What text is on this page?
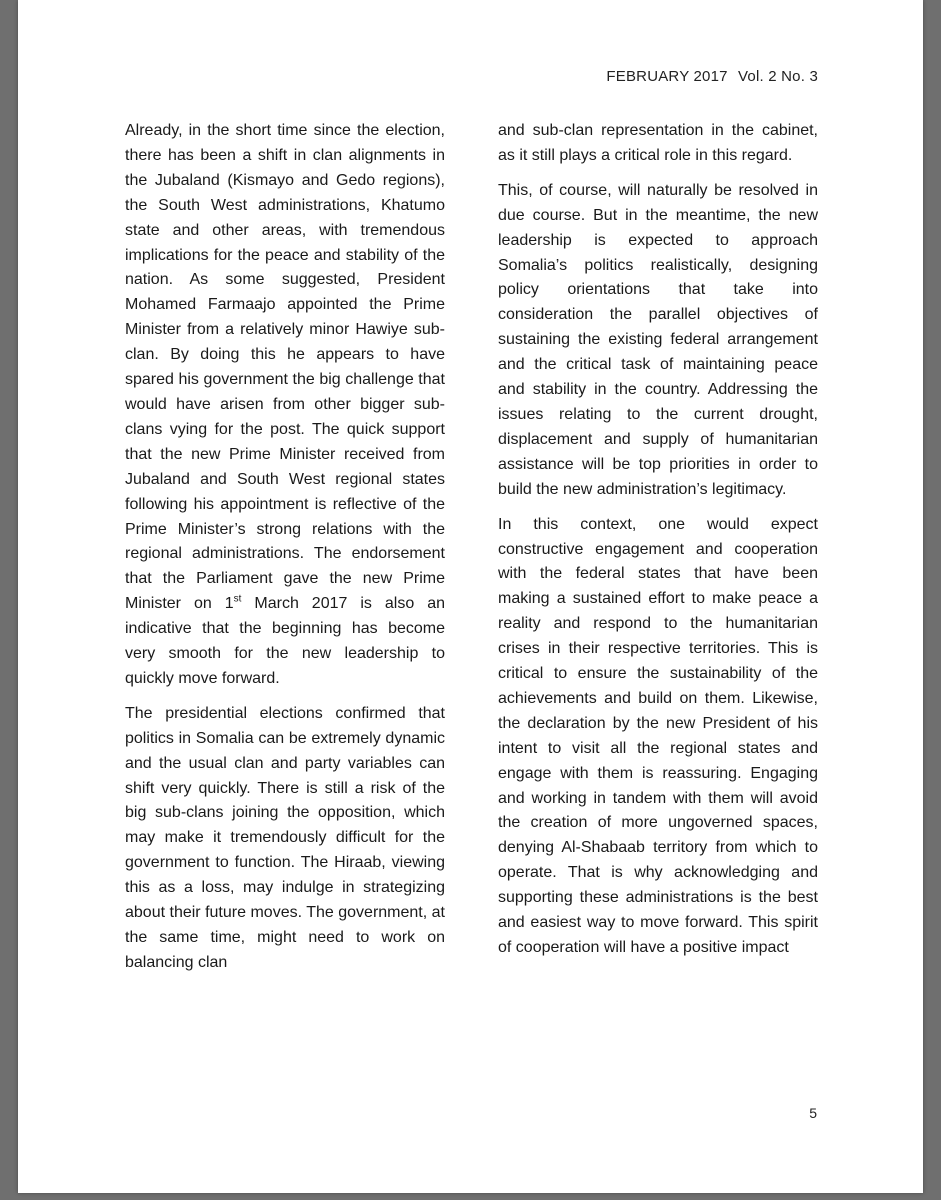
FEBRUARY 2017 Vol. 2 No. 3

Already, in the short time since the election, there has been a shift in clan alignments in the Jubaland (Kismayo and Gedo regions), the South West administrations, Khatumo state and other areas, with tremendous implications for the peace and stability of the nation. As some suggested, President Mohamed Farmaajo appointed the Prime Minister from a relatively minor Hawiye sub-clan. By doing this he appears to have spared his government the big challenge that would have arisen from other bigger sub-clans vying for the post. The quick support that the new Prime Minister received from Jubaland and South West regional states following his appointment is reflective of the Prime Minister’s strong relations with the regional administrations. The endorsement that the Parliament gave the new Prime Minister on 1st March 2017 is also an indicative that the beginning has become very smooth for the new leadership to quickly move forward.

The presidential elections confirmed that politics in Somalia can be extremely dynamic and the usual clan and party variables can shift very quickly. There is still a risk of the big sub-clans joining the opposition, which may make it tremendously difficult for the government to function. The Hiraab, viewing this as a loss, may indulge in strategizing about their future moves. The government, at the same time, might need to work on balancing clan

and sub-clan representation in the cabinet, as it still plays a critical role in this regard.

This, of course, will naturally be resolved in due course. But in the meantime, the new leadership is expected to approach Somalia’s politics realistically, designing policy orientations that take into consideration the parallel objectives of sustaining the existing federal arrangement and the critical task of maintaining peace and stability in the country. Addressing the issues relating to the current drought, displacement and supply of humanitarian assistance will be top priorities in order to build the new administration’s legitimacy.

In this context, one would expect constructive engagement and cooperation with the federal states that have been making a sustained effort to make peace a reality and respond to the humanitarian crises in their respective territories. This is critical to ensure the sustainability of the achievements and build on them. Likewise, the declaration by the new President of his intent to visit all the regional states and engage with them is reassuring. Engaging and working in tandem with them will avoid the creation of more ungoverned spaces, denying Al-Shabaab territory from which to operate. That is why acknowledging and supporting these administrations is the best and easiest way to move forward. This spirit of cooperation will have a positive impact

5
